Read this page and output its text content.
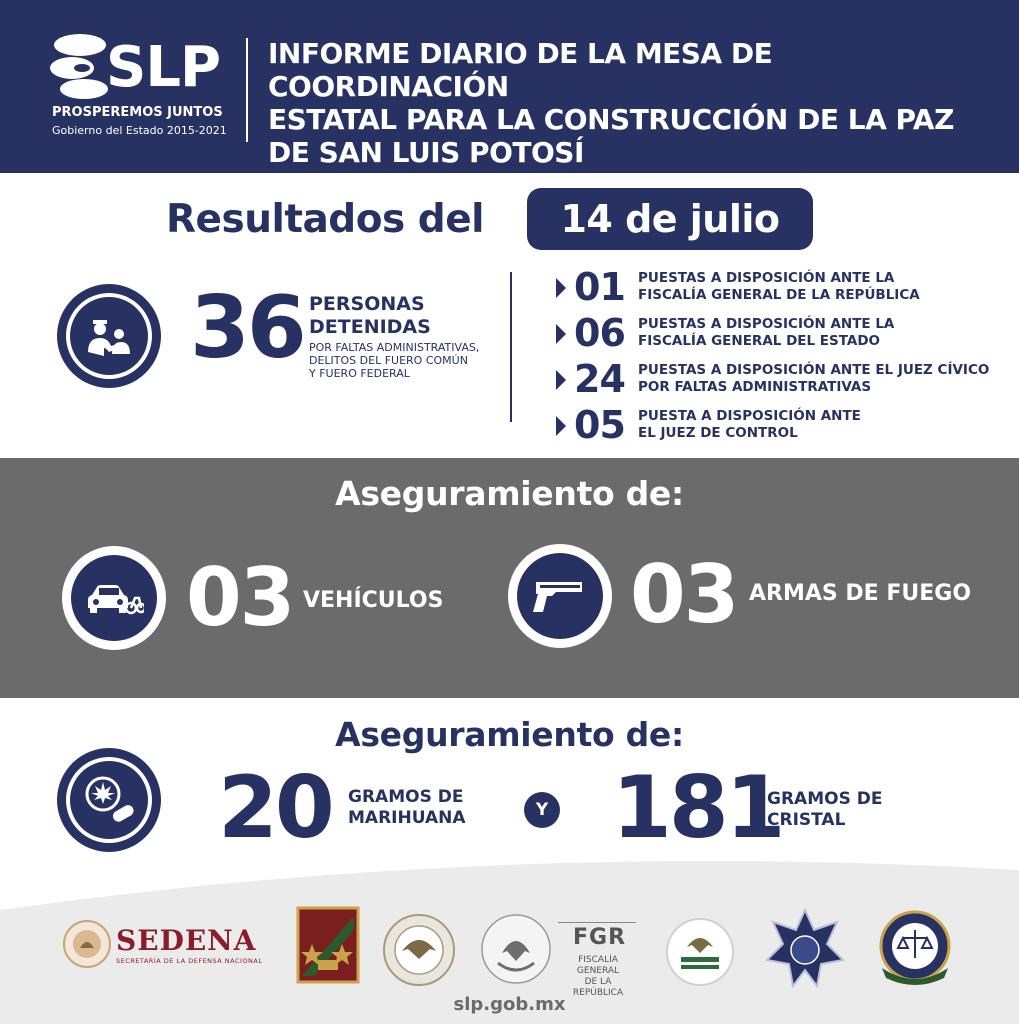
SLP
PROSPEREMOS JUNTOS
Gobierno del Estado 2015-2021
INFORME DIARIO DE LA MESA DE COORDINACIÓN
ESTATAL PARA LA CONSTRUCCIÓN DE LA PAZ
DE SAN LUIS POTOSÍ
Resultados del	14 de julio
36 PERSONAS
DETENIDAS
POR FALTAS ADMINISTRATIVAS,
DELITOS DEL FUERO COMÚN
Y FUERO FEDERAL
01 PUESTAS A DISPOSICIÓN ANTE LA
FISCALÍA GENERAL DE LA REPÚBLICA
06 PUESTAS A DISPOSICIÓN ANTE LA
FISCALÍA GENERAL DEL ESTADO
24 PUESTAS A DISPOSICIÓN ANTE EL JUEZ CÍVICO
POR FALTAS ADMINISTRATIVAS
05 PUESTA A DISPOSICIÓN ANTE
EL JUEZ DE CONTROL
Aseguramiento de:
03 VEHÍCULOS 03 ARMAS DE FUEGO
Aseguramiento de:
20 GRAMOS DE
MARIHUANA	Y 181
GRAMOS DE
CRISTAL
SEDENA
SECRETARÍA DE LA DEFENSA NACIONAL
FGR
FISCALÍA GENERAL
DE LA REPÚBLICA
slp.gob.mx
